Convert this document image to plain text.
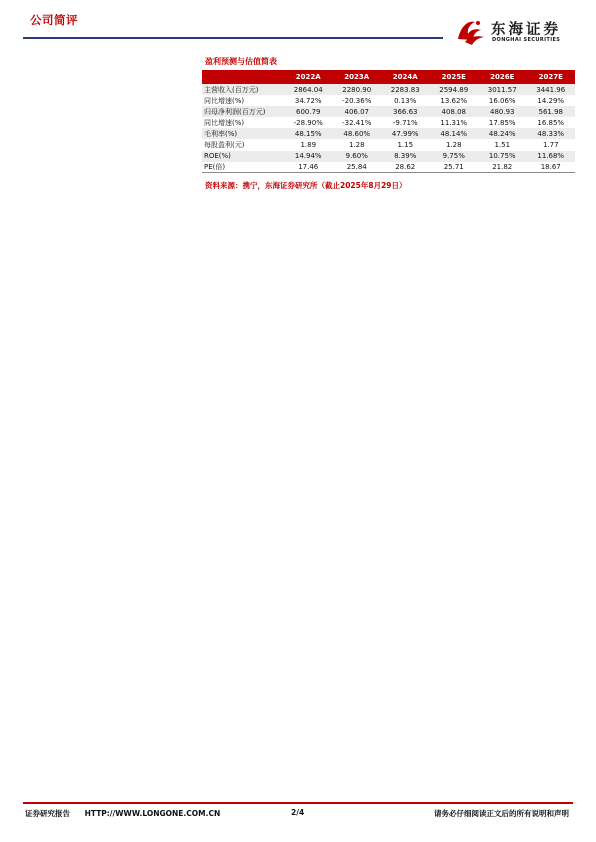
公司简评
东海证券
DONGHAI SECURITIES
盈利预测与估值简表
	2022A	2023A	2024A	2025E	2026E	2027E
主营收入(百万元)	2864.04	2280.90	2283.83	2594.89	3011.57	3441.96
同比增速(%)	34.72%	-20.36%	0.13%	13.62%	16.06%	14.29%
归母净利润(百万元)	600.79	406.07	366.63	408.08	480.93	561.98
同比增速(%)	-28.90%	-32.41%	-9.71%	11.31%	17.85%	16.85%
毛利率(%)	48.15%	48.60%	47.99%	48.14%	48.24%	48.33%
每股盈利(元)	1.89	1.28	1.15	1.28	1.51	1.77
ROE(%)	14.94%	9.60%	8.39%	9.75%	10.75%	11.68%
PE(倍)	17.46	25.84	28.62	25.71	21.82	18.67
资料来源：携宁，东海证券研究所（截止2025年8月29日）
证券研究报告 HTTP://WWW.LONGONE.COM.CN	2/4	请务必仔细阅读正文后的所有说明和声明
